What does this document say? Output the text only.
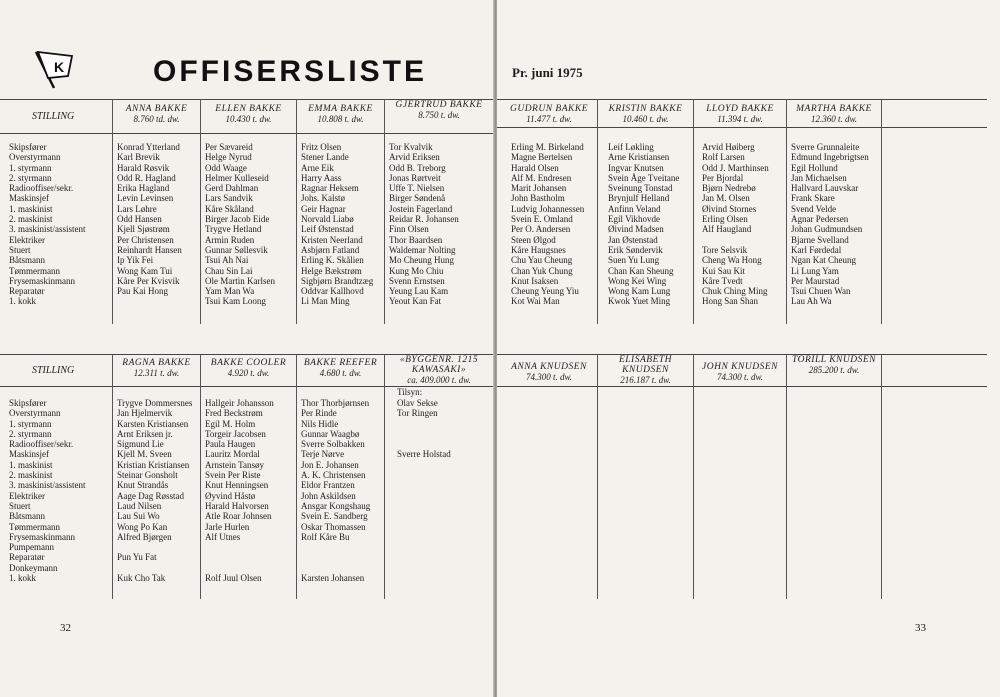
K	OFFISERSLISTE
STILLING
Skipsfører
Overstyrmann
1. styrmann
2. styrmann
Radiooffiser/sekr.
Maskinsjef
1. maskinist
2. maskinist
3. maskinist/assistent
Elektriker
Stuert
Båtsmann
Tømmermann
Frysemaskinmann
Reparatør
1. kokk
ANNA BAKKE
8.760 td. dw.
ELLEN BAKKE
10.430 t. dw.
EMMA BAKKE
10.808 t. dw.
GJERTRUD BAKKE
8.750 t. dw.
Konrad Ytterland
Karl Brevik
Harald Røsvik
Odd R. Hagland
Erika Hagland
Levin Levinsen
Lars Løhre
Odd Hansen
Kjell Sjøstrøm
Per Christensen
Reinhardt Hansen
Ip Yik Fei
Wong Kam Tui
Kåre Per Kvisvik
Pau Kai Hong
Per Sævareid
Helge Nyrud
Odd Waage
Helmer Kulleseid
Gerd Dahlman
Lars Sandvik
Kåre Skåland
Birger Jacob Eide
Trygve Hetland
Armin Ruden
Gunnar Søllesvik
Tsui Ah Nai
Chau Sin Lai
Ole Martin Karlsen
Yam Man Wa
Tsui Kam Loong
Fritz Olsen
Stener Lande
Arne Eik
Harry Aass
Ragnar Heksem
Johs. Kalstø
Geir Hagnar
Norvald Liabø
Leif Østenstad
Kristen Neerland
Asbjørn Fatland
Erling K. Skålien
Helge Bækstrøm
Sigbjørn Brandtzæg
Oddvar Kallhovd
Li Man Ming
Tor Kvalvik
Arvid Eriksen
Odd B. Treborg
Jonas Rørtveit
Uffe T. Nielsen
Birger Søndenå
Jostein Fagerland
Reidar R. Johansen
Finn Olsen
Thor Baardsen
Waldemar Nolting
Mo Cheung Hung
Kung Mo Chiu
Svenn Ernstsen
Yeung Lau Kam
Yeout Kan Fat
STILLING
Skipsfører
Overstyrmann
1. styrmann
2. styrmann
Radiooffiser/sekr.
Maskinsjef
1. maskinist
2. maskinist
3. maskinist/assistent
Elektriker
Stuert
Båtsmann
Tømmermann
Frysemaskinmann
Pumpemann
Reparatør
Donkeymann
1. kokk
RAGNA BAKKE
12.311 t. dw.
BAKKE COOLER
4.920 t. dw.
BAKKE REEFER
4.680 t. dw.
«BYGGENR. 1215 KAWASAKI»
ca. 409.000 t. dw.
Trygve Dommersnes
Jan Hjelmervik
Karsten Kristiansen
Arnt Eriksen jr.
Sigmund Lie
Kjell M. Sveen
Kristian Kristiansen
Steinar Gonsholt
Knut Strandås
Aage Dag Røsstad
Laud Nilsen
Lau Sui Wo
Wong Po Kan
Alfred Bjørgen
Pun Yu Fat
Kuk Cho Tak
Hallgeir Johansson
Fred Beckstrøm
Egil M. Holm
Torgeir Jacobsen
Paula Haugen
Lauritz Mordal
Arnstein Tansøy
Svein Per Riste
Knut Henningsen
Øyvind Håstø
Harald Halvorsen
Atle Roar Johnsen
Jarle Hurlen
Alf Utnes
Rolf Juul Olsen
Thor Thorbjørnsen
Per Rinde
Nils Hidle
Gunnar Waagbø
Sverre Solbakken
Terje Nørve
Jon E. Johansen
A. K. Christensen
Eldor Frantzen
John Askildsen
Ansgar Kongshaug
Svein E. Sandberg
Oskar Thomassen
Rolf Kåre Bu
Karsten Johansen
Tilsyn:
Olav Sekse
Tor Ringen
Sverre Holstad
32
Pr. juni 1975
GUDRUN BAKKE
11.477 t. dw.
KRISTIN BAKKE
10.460 t. dw.
LLOYD BAKKE
11.394 t. dw.
MARTHA BAKKE
12.360 t. dw.
Erling M. Birkeland
Magne Bertelsen
Harald Olsen
Alf M. Endresen
Marit Johansen
John Bastholm
Ludvig Johannessen
Svein E. Omland
Per O. Andersen
Steen Ølgod
Kåre Haugsnes
Chu Yau Cheung
Chan Yuk Chung
Knut Isaksen
Cheung Yeung Yiu
Kot Wai Man
Leif Løkling
Arne Kristiansen
Ingvar Knutsen
Svein Åge Tveitane
Sveinung Tonstad
Brynjulf Helland
Anfinn Veland
Egil Vikhovde
Øivind Madsen
Jan Østenstad
Erik Søndervik
Suen Yu Lung
Chan Kan Sheung
Wong Kei Wing
Wong Kam Lung
Kwok Yuet Ming
Arvid Høiberg
Rolf Larsen
Odd J. Marthinsen
Per Bjordal
Bjørn Nedrebø
Jan M. Olsen
Øivind Stornes
Erling Olsen
Alf Haugland
Tore Selsvik
Cheng Wa Hong
Kui Sau Kit
Kåre Tvedt
Chuk Ching Ming
Hong San Shan
Sverre Grunnaleite
Edmund Ingebrigtsen
Egil Hollund
Jan Michaelsen
Hallvard Lauvskar
Frank Skare
Svend Velde
Agnar Pedersen
Johan Gudmundsen
Bjarne Svelland
Karl Førdedal
Ngan Kat Cheung
Li Lung Yam
Per Maurstad
Tsui Chuen Wan
Lau Ah Wa
ANNA KNUDSEN
74.300 t. dw.
ELISABETH KNUDSEN
216.187 t. dw.
JOHN KNUDSEN
74.300 t. dw.
TORILL KNUDSEN
285.200 t. dw.
33
